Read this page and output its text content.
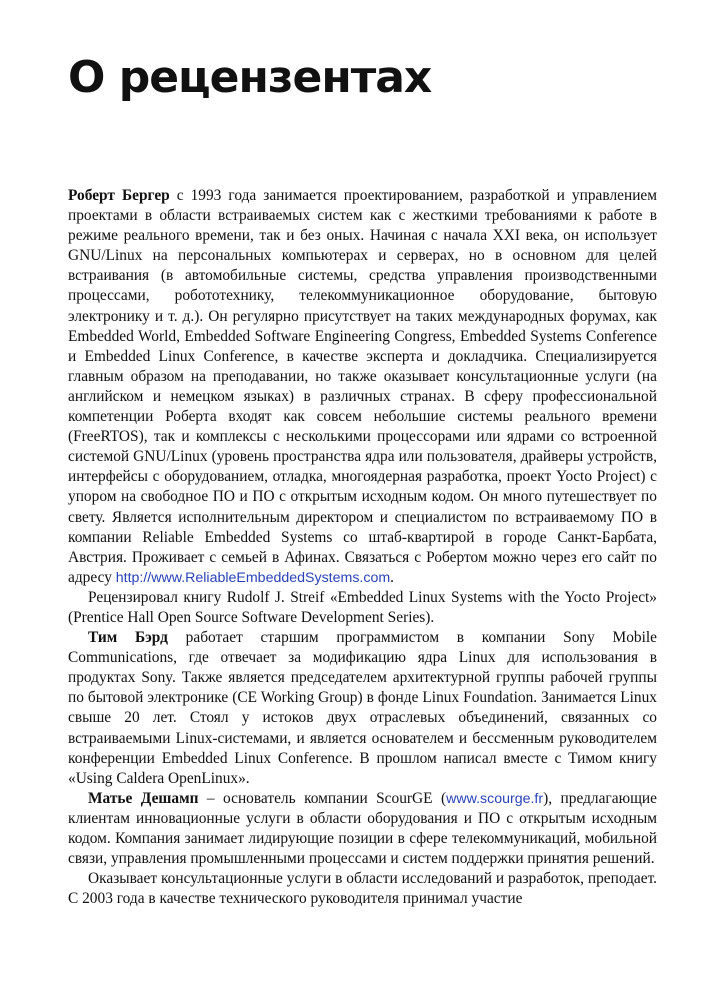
О рецензентах

Роберт Бергер с 1993 года занимается проектированием, разработкой и управлением проектами в области встраиваемых систем как с жесткими требованиями к работе в режиме реального времени, так и без оных. Начиная с начала XXI века, он использует GNU/Linux на персональных компьютерах и серверах, но в основном для целей встраивания (в автомобильные системы, средства управления производственными процессами, робототехнику, телекоммуникационное оборудование, бытовую электронику и т. д.). Он регулярно присутствует на таких международных форумах, как Embedded World, Embedded Software Engineering Congress, Embedded Systems Conference и Embedded Linux Conference, в качестве эксперта и докладчика. Специализируется главным образом на преподавании, но также оказывает консультационные услуги (на английском и немецком языках) в различных странах. В сферу профессиональной компетенции Роберта входят как совсем небольшие системы реального времени (FreeRTOS), так и комплексы с несколькими процессорами или ядрами со встроенной системой GNU/Linux (уровень пространства ядра или пользователя, драйверы устройств, интерфейсы с оборудованием, отладка, многоядерная разработка, проект Yocto Project) с упором на свободное ПО и ПО с открытым исходным кодом. Он много путешествует по свету. Является исполнительным директором и специалистом по встраиваемому ПО в компании Reliable Embedded Systems со штаб-квартирой в городе Санкт-Барбата, Австрия. Проживает с семьей в Афинах. Связаться с Робертом можно через его сайт по адресу http://www.ReliableEmbeddedSystems.com.

Рецензировал книгу Rudolf J. Streif «Embedded Linux Systems with the Yocto Project» (Prentice Hall Open Source Software Development Series).

Тим Бэрд работает старшим программистом в компании Sony Mobile Communications, где отвечает за модификацию ядра Linux для использования в продуктах Sony. Также является председателем архитектурной группы рабочей группы по бытовой электронике (CE Working Group) в фонде Linux Foundation. Занимается Linux свыше 20 лет. Стоял у истоков двух отраслевых объединений, связанных со встраиваемыми Linux-системами, и является основателем и бессменным руководителем конференции Embedded Linux Conference. В прошлом написал вместе с Тимом книгу «Using Caldera OpenLinux».

Матье Дешамп – основатель компании ScourGE (www.scourge.fr), предлагающие клиентам инновационные услуги в области оборудования и ПО с открытым исходным кодом. Компания занимает лидирующие позиции в сфере телекоммуникаций, мобильной связи, управления промышленными процессами и систем поддержки принятия решений.

Оказывает консультационные услуги в области исследований и разработок, преподает. С 2003 года в качестве технического руководителя принимал участие
